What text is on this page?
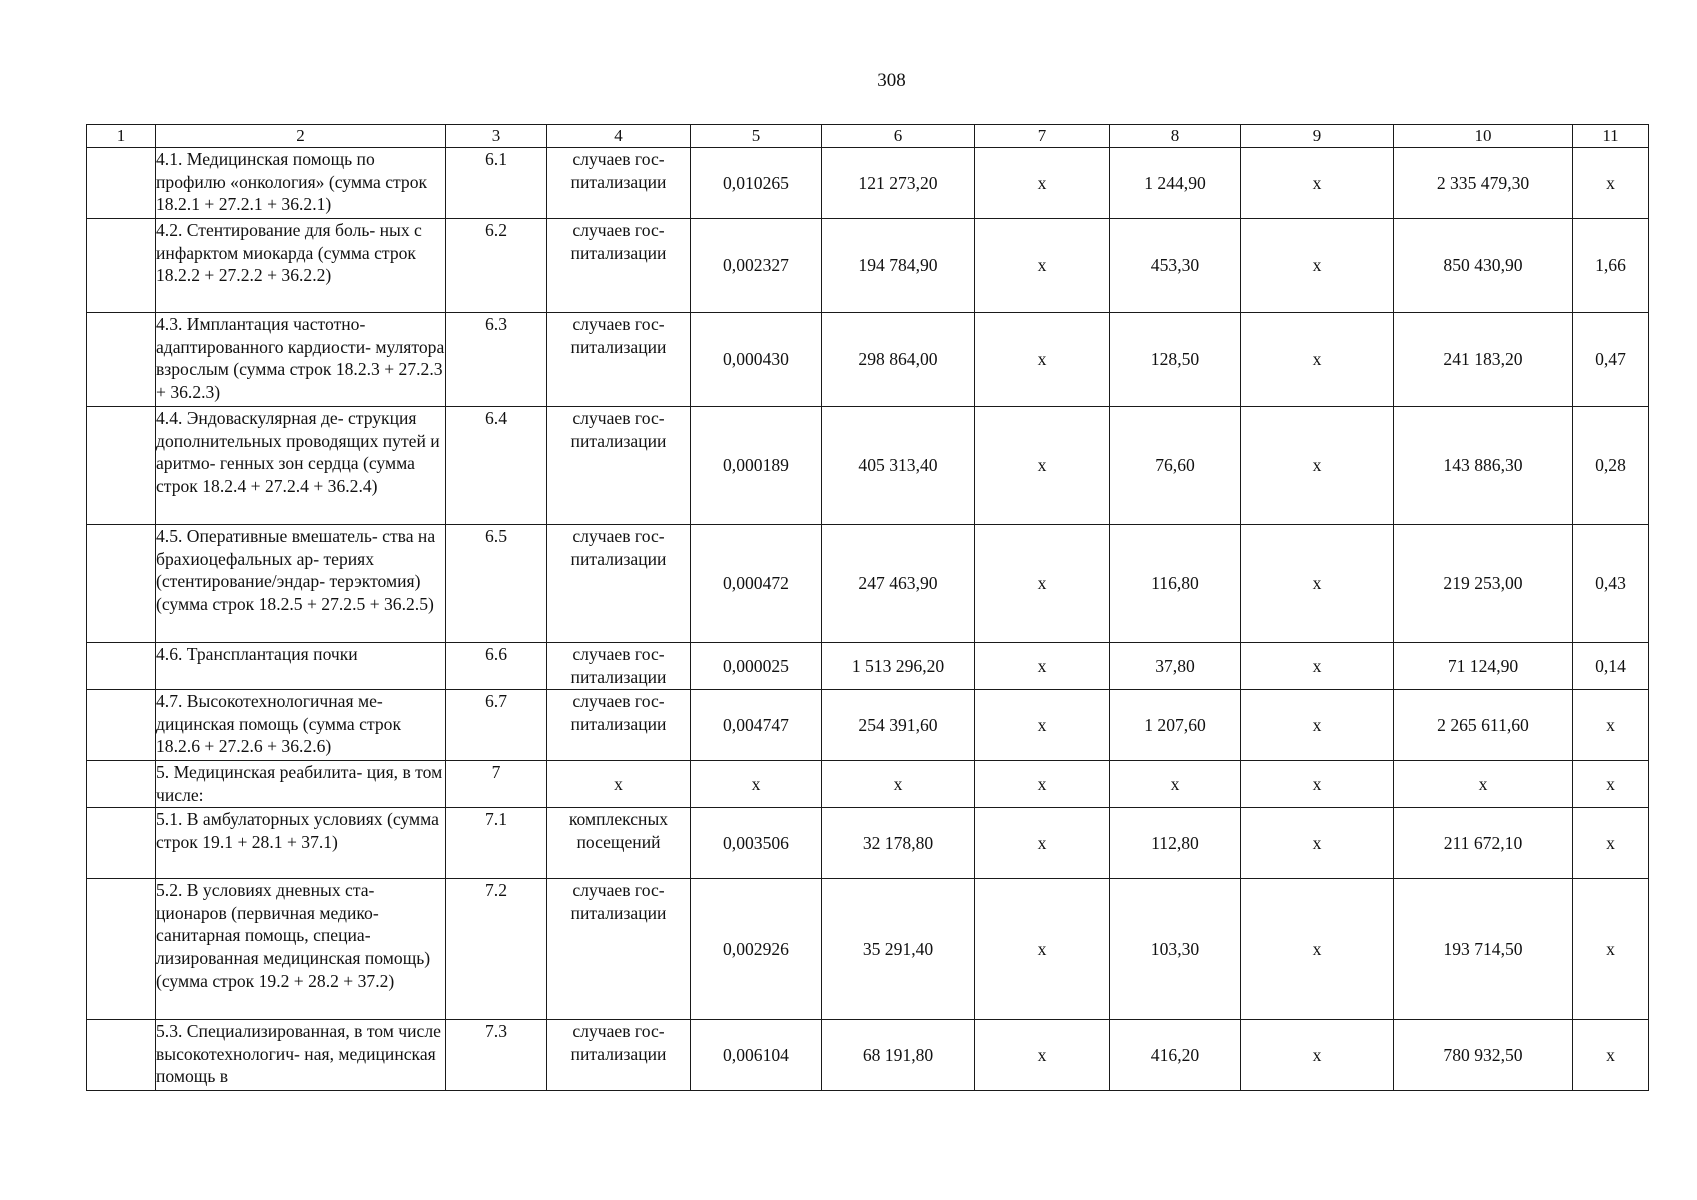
308
1	2	3	4	5	6	7	8	9	10	11
	4.1. Медицинская помощь по профилю «онкология» (сумма строк 18.2.1 + 27.2.1 + 36.2.1)	6.1	случаев гос- питализации	0,010265	121 273,20	х	1 244,90	х	2 335 479,30	х
	4.2. Стентирование для боль- ных с инфарктом миокарда (сумма строк 18.2.2 + 27.2.2 + 36.2.2)	6.2	случаев гос- питализации	0,002327	194 784,90	х	453,30	х	850 430,90	1,66
	4.3. Имплантация частотно- адаптированного кардиости- мулятора взрослым (сумма строк 18.2.3 + 27.2.3 + 36.2.3)	6.3	случаев гос- питализации	0,000430	298 864,00	х	128,50	х	241 183,20	0,47
	4.4. Эндоваскулярная де- струкция дополнительных проводящих путей и аритмо- генных зон сердца (сумма строк 18.2.4 + 27.2.4 + 36.2.4)	6.4	случаев гос- питализации	0,000189	405 313,40	х	76,60	х	143 886,30	0,28
	4.5. Оперативные вмешатель- ства на брахиоцефальных ар- териях (стентирование/эндар- терэктомия) (сумма строк 18.2.5 + 27.2.5 + 36.2.5)	6.5	случаев гос- питализации	0,000472	247 463,90	х	116,80	х	219 253,00	0,43
	4.6. Трансплантация почки	6.6	случаев гос- питализации	0,000025	1 513 296,20	х	37,80	х	71 124,90	0,14
	4.7. Высокотехнологичная ме- дицинская помощь (сумма строк 18.2.6 + 27.2.6 + 36.2.6)	6.7	случаев гос- питализации	0,004747	254 391,60	х	1 207,60	х	2 265 611,60	х
	5. Медицинская реабилита- ция, в том числе:	7	х	х	х	х	х	х	х	х
	5.1. В амбулаторных условиях (сумма строк 19.1 + 28.1 + 37.1)	7.1	комплексных посещений	0,003506	32 178,80	х	112,80	х	211 672,10	х
	5.2. В условиях дневных ста- ционаров (первичная медико- санитарная помощь, специа- лизированная медицинская помощь) (сумма строк 19.2 + 28.2 + 37.2)	7.2	случаев гос- питализации	0,002926	35 291,40	х	103,30	х	193 714,50	х
	5.3. Специализированная, в том числе высокотехнологич- ная, медицинская помощь в	7.3	случаев гос- питализации	0,006104	68 191,80	х	416,20	х	780 932,50	х
